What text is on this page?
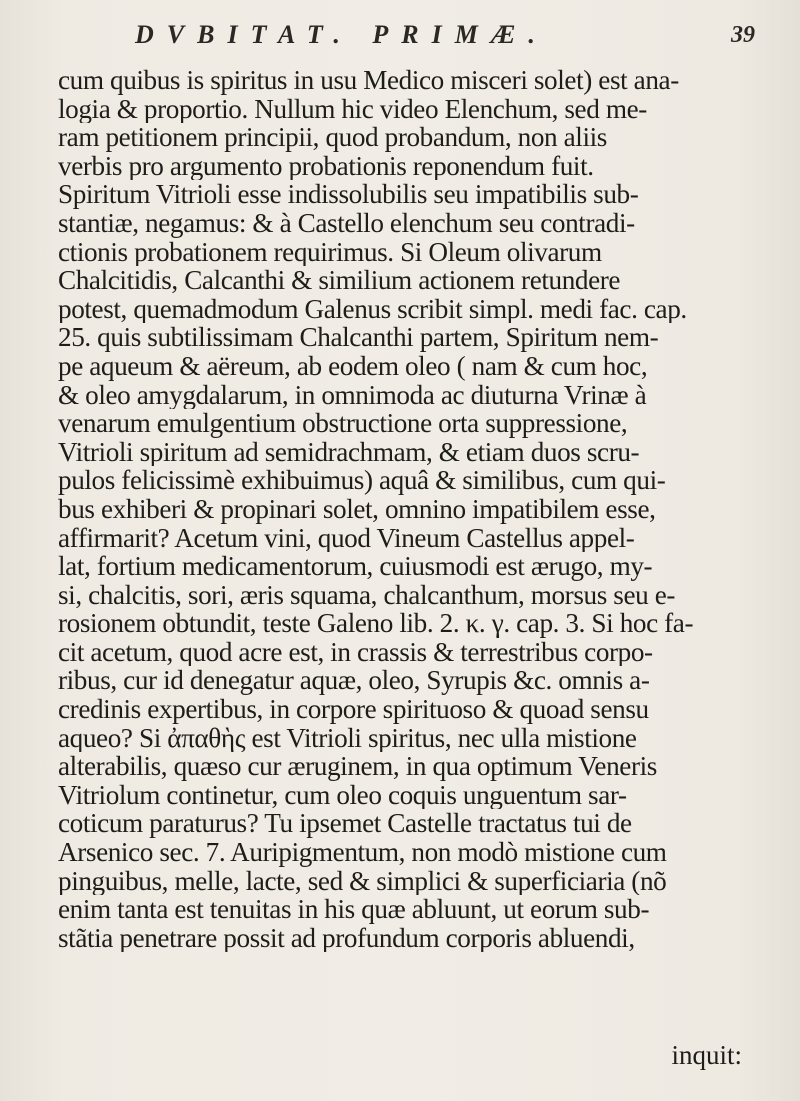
DVBITAT. PRIMÆ.	39
cum quibus is spiritus in usu Medico misceri solet) est ana-
logia & proportio. Nullum hic video Elenchum, sed me-
ram petitionem principii, quod probandum, non aliis
verbis pro argumento probationis reponendum fuit.
Spiritum Vitrioli esse indissolubilis seu impatibilis sub-
stantiæ, negamus: & à Castello elenchum seu contradi-
ctionis probationem requirimus. Si Oleum olivarum
Chalcitidis, Calcanthi & similium actionem retundere
potest, quemadmodum Galenus scribit simpl. medi fac. cap.
25. quis subtilissimam Chalcanthi partem, Spiritum nem-
pe aqueum & aëreum, ab eodem oleo ( nam & cum hoc,
& oleo amygdalarum, in omnimoda ac diuturna Vrinæ à
venarum emulgentium obstructione orta suppressione,
Vitrioli spiritum ad semidrachmam, & etiam duos scru-
pulos felicissimè exhibuimus) aquâ & similibus, cum qui-
bus exhiberi & propinari solet, omnino impatibilem esse,
affirmarit? Acetum vini, quod Vineum Castellus appel-
lat, fortium medicamentorum, cuiusmodi est ærugo, my-
si, chalcitis, sori, æris squama, chalcanthum, morsus seu e-
rosionem obtundit, teste Galeno lib. 2. κ. γ. cap. 3. Si hoc fa-
cit acetum, quod acre est, in crassis & terrestribus corpo-
ribus, cur id denegatur aquæ, oleo, Syrupis &c. omnis a-
credinis expertibus, in corpore spirituoso & quoad sensu
aqueo? Si ἀπαθὴς est Vitrioli spiritus, nec ulla mistione
alterabilis, quæso cur æruginem, in qua optimum Veneris
Vitriolum continetur, cum oleo coquis unguentum sar-
coticum paraturus? Tu ipsemet Castelle tractatus tui de
Arsenico sec. 7. Auripigmentum, non modò mistione cum
pinguibus, melle, lacte, sed & simplici & superficiaria (nõ
enim tanta est tenuitas in his quæ abluunt, ut eorum sub-
stãtia penetrare possit ad profundum corporis abluendi,
inquit:
